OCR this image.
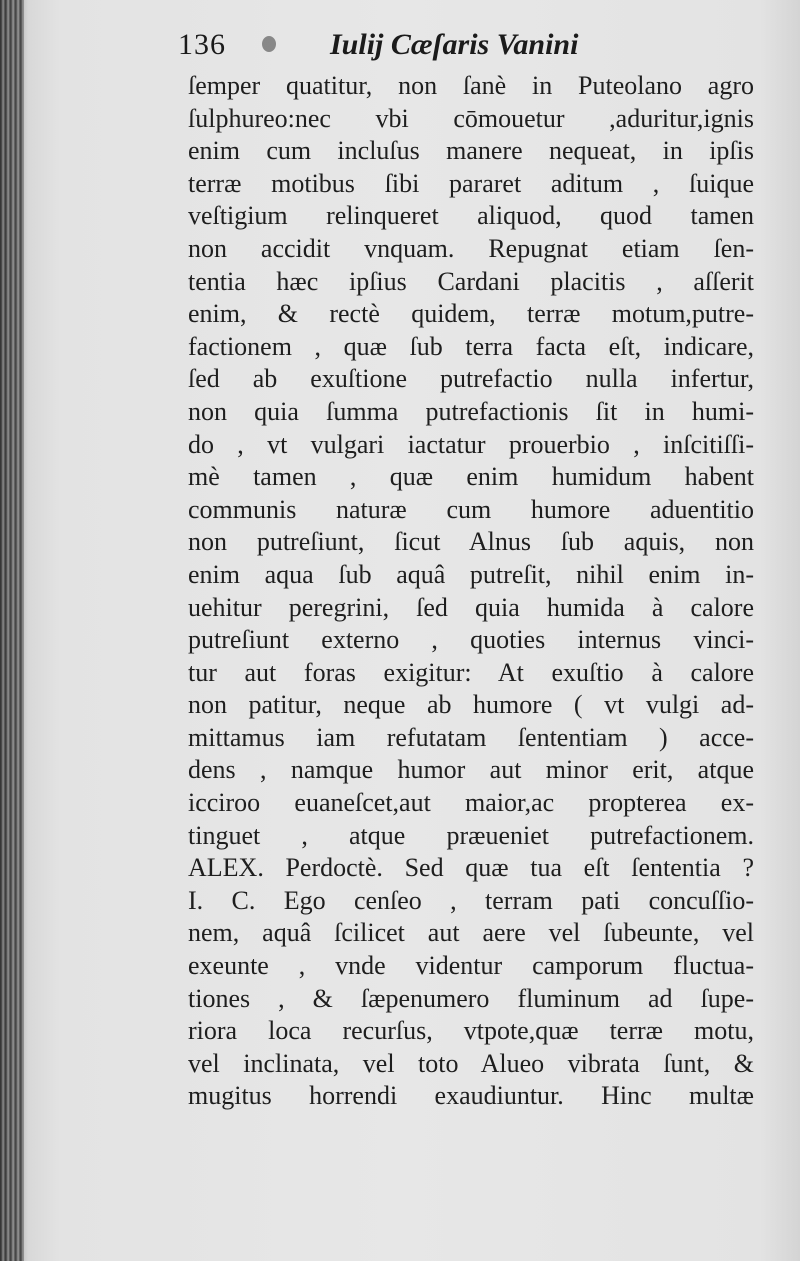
136	Iulij Cæſaris Vanini
ſemper quatitur, non ſanè in Puteolano agro
ſulphureo:nec vbi cōmouetur ,aduritur,ignis
enim cum incluſus manere nequeat, in ipſis
terræ motibus ſibi pararet aditum , ſuique
veſtigium relinqueret aliquod, quod tamen
non accidit vnquam. Repugnat etiam ſen-
tentia hæc ipſius Cardani placitis , aſſerit
enim, & rectè quidem, terræ motum,putre-
factionem , quæ ſub terra facta eſt, indicare,
ſed ab exuſtione putrefactio nulla infertur,
non quia ſumma putrefactionis ſit in humi-
do , vt vulgari iactatur prouerbio , inſcitiſſi-
mè tamen , quæ enim humidum habent
communis naturæ cum humore aduentitio
non putreſiunt, ſicut Alnus ſub aquis, non
enim aqua ſub aquâ putreſit, nihil enim in-
uehitur peregrini, ſed quia humida à calore
putreſiunt externo , quoties internus vinci-
tur aut foras exigitur: At exuſtio à calore
non patitur, neque ab humore ( vt vulgi ad-
mittamus iam refutatam ſententiam ) acce-
dens , namque humor aut minor erit, atque
icciroo euaneſcet,aut maior,ac propterea ex-
tinguet , atque præueniet putrefactionem.
ALEX. Perdoctè. Sed quæ tua eſt ſententia ?
I. C. Ego cenſeo , terram pati concuſſio-
nem, aquâ ſcilicet aut aere vel ſubeunte, vel
exeunte , vnde videntur camporum fluctua-
tiones , & ſæpenumero fluminum ad ſupe-
riora loca recurſus, vtpote,quæ terræ motu,
vel inclinata, vel toto Alueo vibrata ſunt, &
mugitus horrendi exaudiuntur. Hinc multæ
